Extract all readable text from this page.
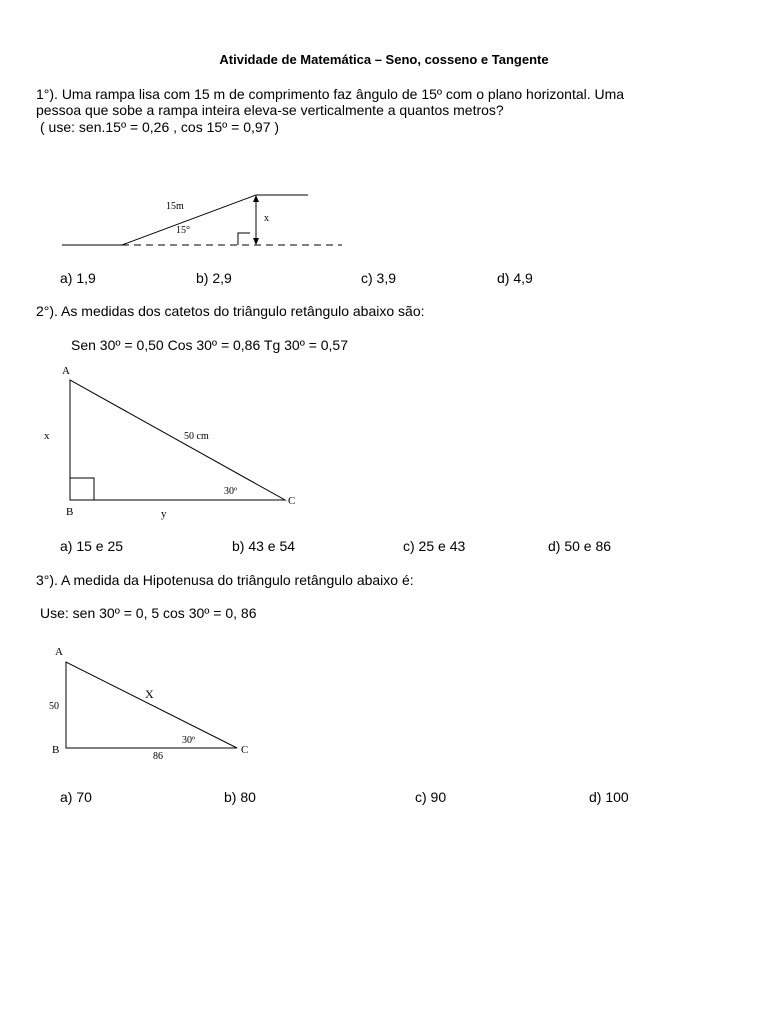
Atividade de Matemática – Seno, cosseno e Tangente
1°). Uma rampa lisa com 15 m de comprimento faz ângulo de 15º com o plano horizontal. Uma
pessoa que sobe a rampa inteira eleva-se verticalmente a quantos metros?
( use: sen.15º = 0,26 , cos 15º = 0,97 )
15m
15°
x
a) 1,9	b) 2,9	c) 3,9	d) 4,9
2°). As medidas dos catetos do triângulo retângulo abaixo são:
Sen 30º = 0,50 Cos 30º = 0,86 Tg 30º = 0,57
A
B
C
x
y
50 cm
30º
a) 15 e 25	b) 43 e 54	c) 25 e 43	d) 50 e 86
3°). A medida da Hipotenusa do triângulo retângulo abaixo é:
Use: sen 30º = 0, 5 cos 30º = 0, 86
A
B	C
50
86
X
30º
a) 70	b) 80	c) 90	d) 100
